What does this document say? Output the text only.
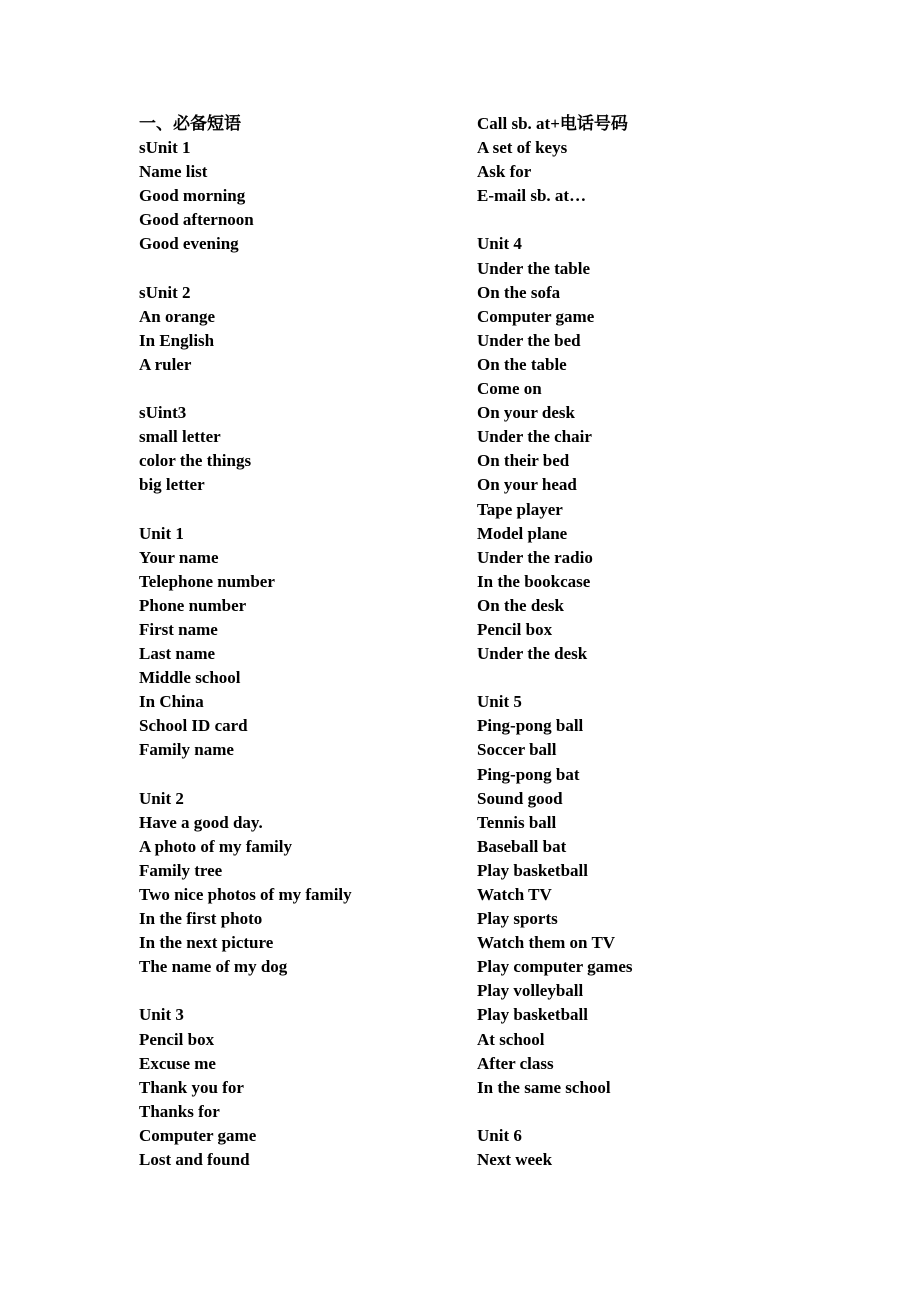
一、必备短语
sUnit 1
Name list
Good morning
Good afternoon
Good evening
sUnit 2
An orange
In English
A ruler
sUint3
small letter
color the things
big letter
Unit 1
Your name
Telephone number
Phone number
First name
Last name
Middle school
In China
School ID card
Family name
Unit 2
Have a good day.
A photo of my family
Family tree
Two nice photos of my family
In the first photo
In the next picture
The name of my dog
Unit 3
Pencil box
Excuse me
Thank you for
Thanks for
Computer game
Lost and found
Call sb. at+电话号码
A set of keys
Ask for
E-mail sb. at…
Unit 4
Under the table
On the sofa
Computer game
Under the bed
On the table
Come on
On your desk
Under the chair
On their bed
On your head
Tape player
Model plane
Under the radio
In the bookcase
On the desk
Pencil box
Under the desk
Unit 5
Ping-pong ball
Soccer ball
Ping-pong bat
Sound good
Tennis ball
Baseball bat
Play basketball
Watch TV
Play sports
Watch them on TV
Play computer games
Play volleyball
Play basketball
At school
After class
In the same school
Unit 6
Next week
